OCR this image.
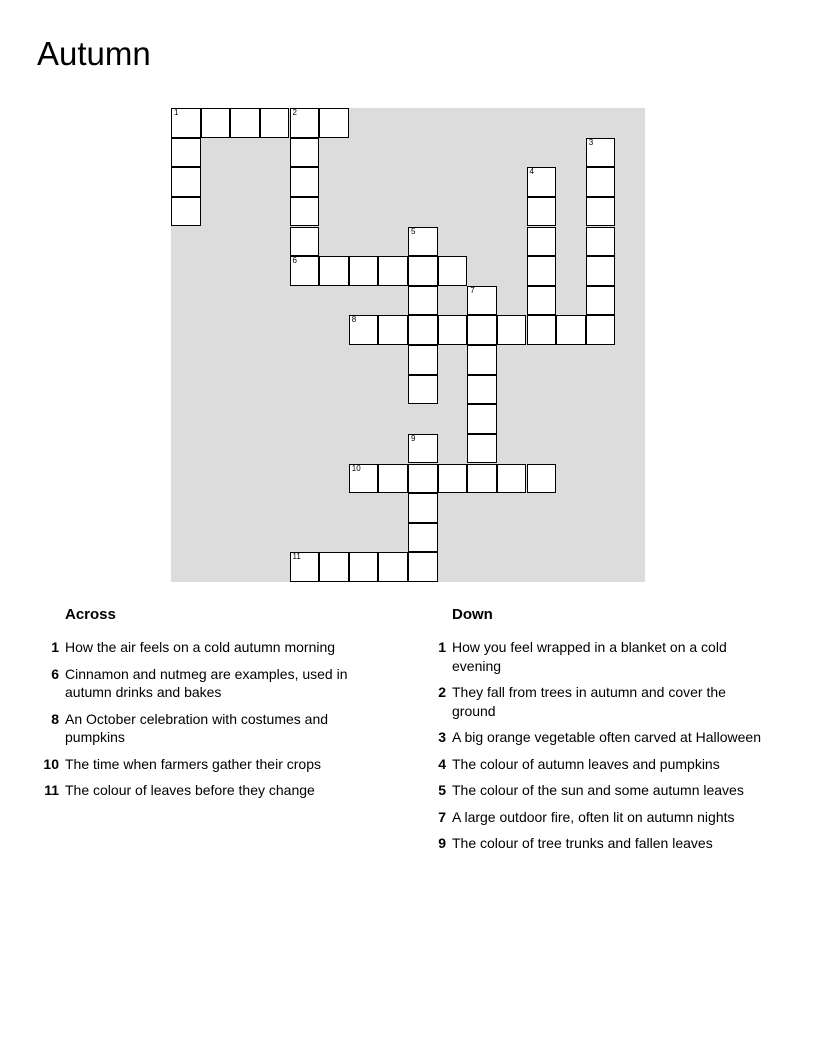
Autumn
1	2
6
3
4
5
7
8
9
10
11
Across
1 How the air feels on a cold autumn morning
6 Cinnamon and nutmeg are examples, used in autumn drinks and bakes
8 An October celebration with costumes and pumpkins
10 The time when farmers gather their crops
11 The colour of leaves before they change
Down
1 How you feel wrapped in a blanket on a cold evening
2 They fall from trees in autumn and cover the ground
3 A big orange vegetable often carved at Halloween
4 The colour of autumn leaves and pumpkins
5 The colour of the sun and some autumn leaves
7 A large outdoor fire, often lit on autumn nights
9 The colour of tree trunks and fallen leaves
